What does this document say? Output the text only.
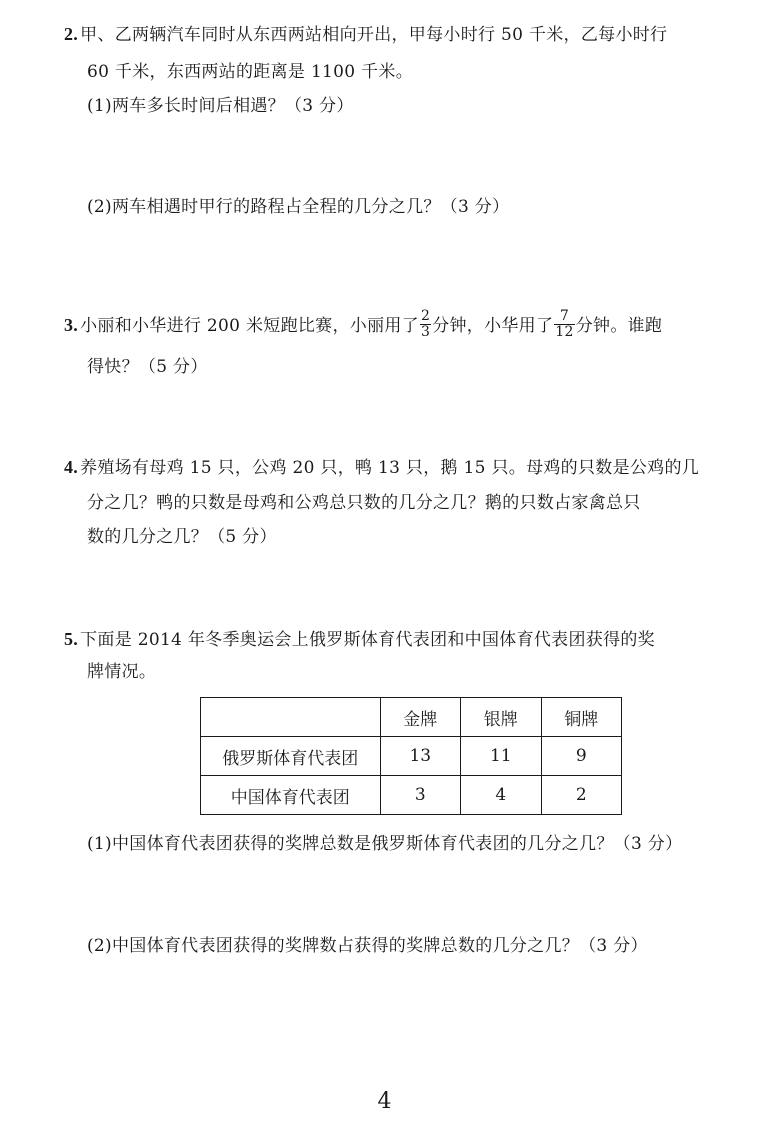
2. 甲、乙两辆汽车同时从东西两站相向开出，甲每小时行 50 千米，乙每小时行
60 千米，东西两站的距离是 1100 千米。
(1)两车多长时间后相遇？（3 分）
(2)两车相遇时甲行的路程占全程的几分之几？（3 分）
3. 小丽和小华进行 200 米短跑比赛，小丽用了 $\frac{2}{3}$ 分钟，小华用了 $\frac{7}{12}$ 分钟。谁跑
得快？（5 分）
4. 养殖场有母鸡 15 只，公鸡 20 只，鸭 13 只，鹅 15 只。母鸡的只数是公鸡的几
分之几？鸭的只数是母鸡和公鸡总只数的几分之几？鹅的只数占家禽总只
数的几分之几？（5 分）
5. 下面是 2014 年冬季奥运会上俄罗斯体育代表团和中国体育代表团获得的奖
牌情况。
	金牌	银牌	铜牌
俄罗斯体育代表团	13	11	9
中国体育代表团	3	4	2
(1)中国体育代表团获得的奖牌总数是俄罗斯体育代表团的几分之几？（3 分）
(2)中国体育代表团获得的奖牌数占获得的奖牌总数的几分之几？（3 分）
4
